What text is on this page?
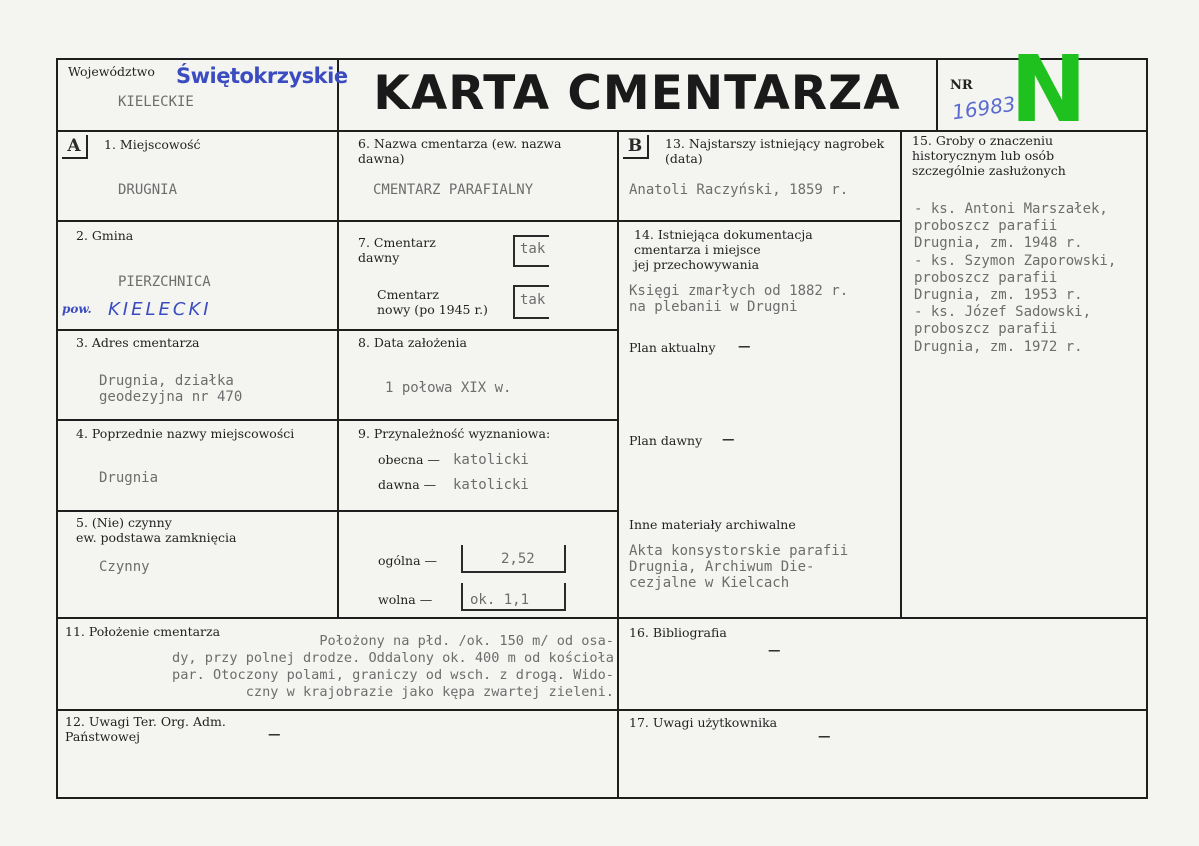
Województwo Świętokrzyskie
KIELECKIE	KARTA CMENTARZA	NR
16983
N
A	1. Miejscowość
DRUGNIA
2. Gmina
PIERZCHNICA
pow. KIELECKI
3. Adres cmentarza
Drugnia, działka
geodezyjna nr 470
4. Poprzednie nazwy miejscowości
Drugnia
5. (Nie) czynny
ew. podstawa zamknięcia
Czynny
6. Nazwa cmentarza (ew. nazwa
dawna)
CMENTARZ PARAFIALNY
7. Cmentarz
dawny
tak
Cmentarz
nowy (po 1945 r.)
tak
8. Data założenia
1 połowa XIX w.
9. Przynależność wyznaniowa:
obecna — katolicki
dawna — katolicki
ogólna —	2,52
wolna —	ok. 1,1
B	13. Najstarszy istniejący nagrobek
(data)
Anatoli Raczyński, 1859 r.
14. Istniejąca dokumentacja
cmentarza i miejsce
jej przechowywania
Księgi zmarłych od 1882 r.
na plebanii w Drugni
Plan aktualny —
Plan dawny —
Inne materiały archiwalne
Akta konsystorskie parafii
Drugnia, Archiwum Die-
cezjalne w Kielcach
15. Groby o znaczeniu
historycznym lub osób
szczególnie zasłużonych
- ks. Antoni Marszałek,
proboszcz parafii
Drugnia, zm. 1948 r.
- ks. Szymon Zaporowski,
proboszcz parafii
Drugnia, zm. 1953 r.
- ks. Józef Sadowski,
proboszcz parafii
Drugnia, zm. 1972 r.
11. Położenie cmentarza
Położony na płd. /ok. 150 m/ od osa-
dy, przy polnej drodze. Oddalony ok. 400 m od kościoła
par. Otoczony polami, graniczy od wsch. z drogą. Wido-
czny w krajobrazie jako kępa zwartej zieleni.
16. Bibliografia
—
12. Uwagi Ter. Org. Adm.
Państwowej	—
17. Uwagi użytkownika
—
